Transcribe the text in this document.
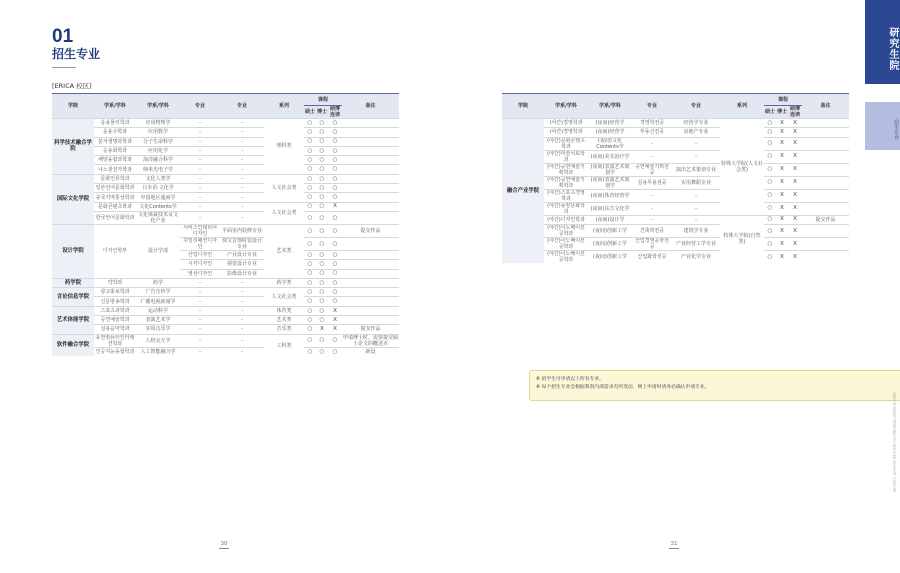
01
招生专业
[ERICA 校区]
学院	学系/学科	学系/学科	专业	专业	系列	课程			备注
						硕士	博士	硕博连读	
科学技术融合学院	응용물리학과	应用物理学	-	-	理科类	○	○	○	
	응용수학과	应用数学	-	-		○	○	○	
	분자생명과학과	分子生命科学	-	-		○	○	○	
	응용화학과	应用化学	-	-		○	○	○	
	해양융합과학과	海洋融合科学	-	-		○	○	○	
	나노광전자학과	纳米光电子学	-	-		○	○	○	
国际文化学院	문화인류학과	文化人类学	-	-	人文社会类	○	○	○	
	일본언어문화학과	日本语·文化学	-	-		○	○	○	
	중국지역통상학과	中国地区通商学	-	-		○	○	○	
	문화콘텐츠학과	文化Contents学	-	-	人文社会类	○	○	X	
	한국언어문화학과	文化体裁技术及文化产业	-	-		○	○	○	
设计学院	디자인학부	设计学部	서비스인테리어디자인	平面室内装修专业	艺术类	○	○	○	提交作品
			주얼리패션디자인	珠宝首饰时装设计专业		○	○	○	
			산업디자인	产业设计专业		○	○	○	
			시각디자인	视觉设计专业		○	○	○	
			영상디자인	影像设计专业		○	○	○	
药学院	약학과	药学	-	-	药学类	○	○	○	
言论信息学院	광고홍보학과	广告宣传学	-	-	人文社会类	○	○	○	
	신문방송학과	广播电视新闻学	-	-		○	○	○	
艺术体能学院	스포츠과학과	运动科学	-	-	体育类	○	○	X	
	공연예술학과	表演艺术学	-	-	艺术类	○	○	X	
	실용음악학과	实用音乐学	-	-	音乐类	○	X	X	提交作品
软件融合学院	유연컴퓨터인터랙션학과	人机交互学	-	-	工科类	○	○	○	申请博士时，需要提交硕士论文的概述本
	인공지능융합학과	人工智能融合学	-	-		○	○	○	新设
学院	学系/学科	学系/学科	专业	专业	系列	课程			备注
						硕士	博士	硕博连读	
融合产业学院	(야간)경영학과	(夜间)经营学	경영학전공	经营学专业	特殊大学院(人文社会类)	○	X	X	
	(야간)경영학과	(夜间)经营学	부동산전공	房地产专业		○	X	X	
	(야간)문화콘텐츠학과	(夜间)文化Contents学	-	-		○	X	X	
	(야간)미술치료학과	(夜间)美术治疗学	-	-		○	X	X	
	(야간)공연예술기획학과	(夜间)表演艺术策划学	공연예술기획전공	演出艺术策划专业		○	X	X	
	(야간)공연예술기획학과	(夜间)表演艺术策划学	실용무용전공	实用舞蹈专业		○	X	X	
	(야간)스포츠경영학과	(夜间)体育经营学	-	-		○	X	X	
	(야간)동양문화학과	(夜间)东方文化学	-	-		○	X	X	
	(야간)디자인학과	(夜间)设计学	-	-	特殊大学院(自然类)	○	X	X	提交作品
	(야간)이노베이션공학과	(夜间)创新工学	건축학전공	建筑学专业		○	X	X	
	(야간)이노베이션공학과	(夜间)创新工学	산업경영공학전공	产业经营工学专业		○	X	X	
	(야간)이노베이션공학과	(夜间)创新工学	산업화학전공	产业化学专业		○	X	X	
※ 留学生可申请以上所有专业。
※ 每个招生专业会根据系别内部需求有所变动，网上申请时请务必确认申请专业。
30	31
研究生院
·招生专业
汉阳大学国际处 韩国汉阳大学 研究生院 招生专业 介绍手册
